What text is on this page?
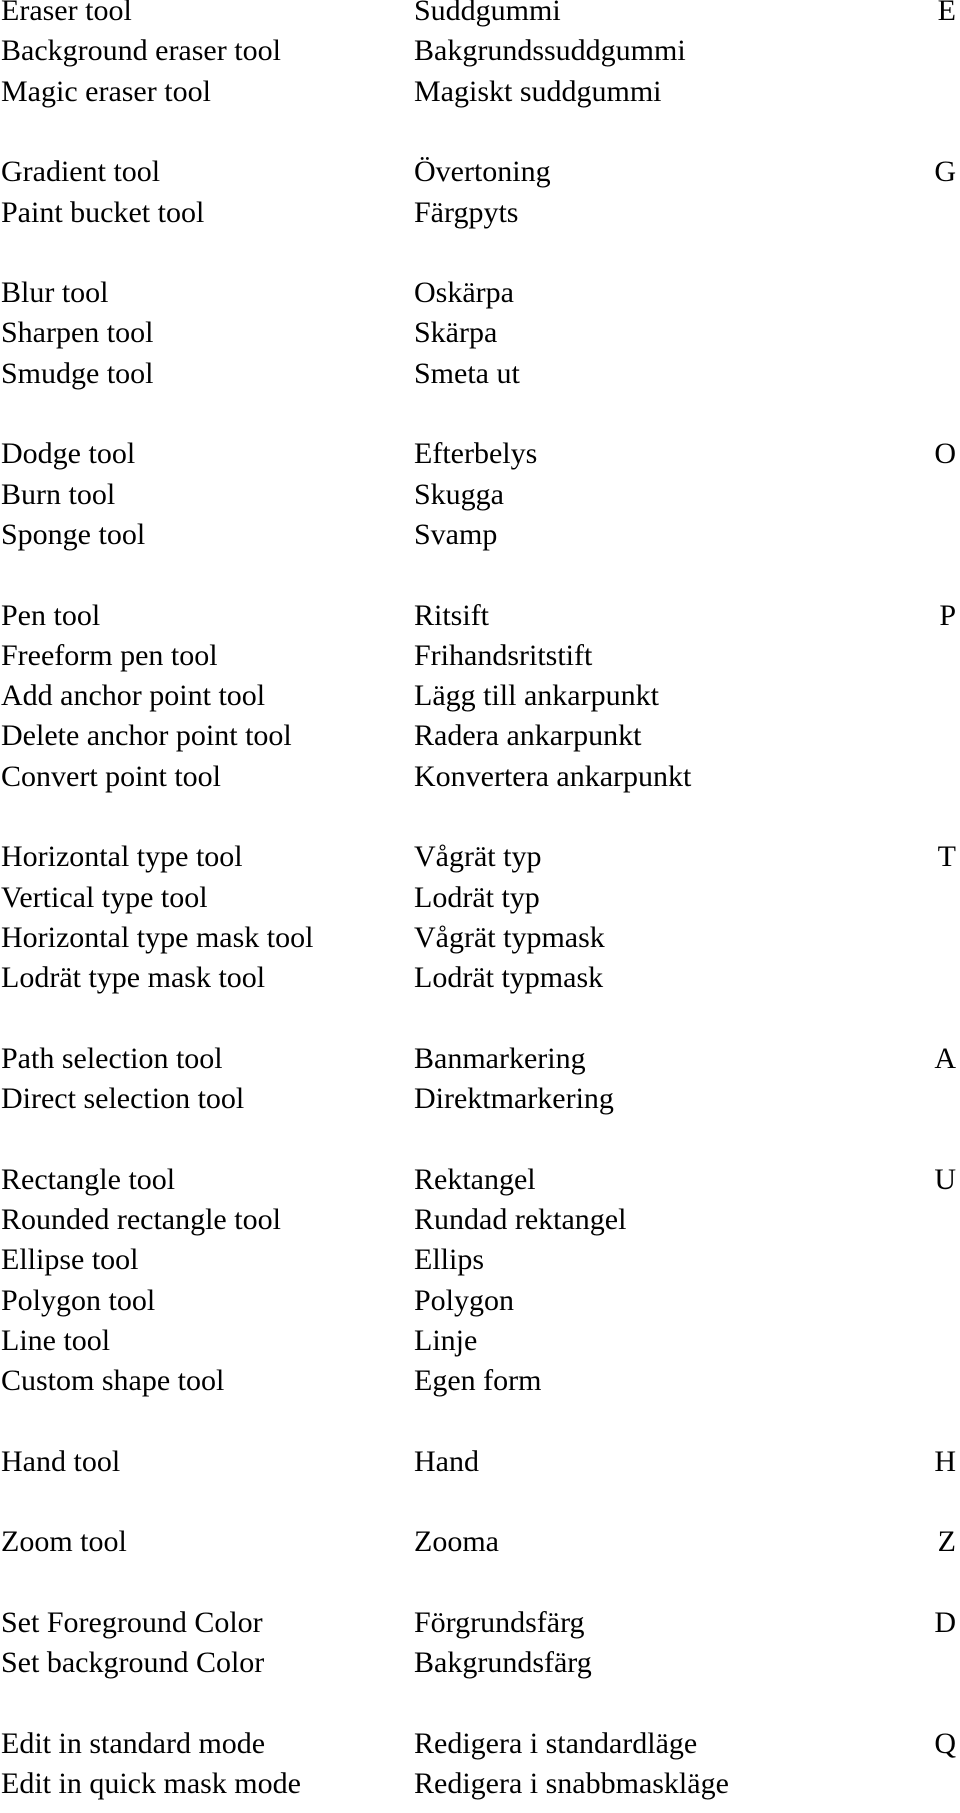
Eraser tool	Suddgummi	E
Background eraser tool	Bakgrundssuddgummi
Magic eraser tool	Magiskt suddgummi
Gradient tool	Övertoning	G
Paint bucket tool	Färgpyts
Blur tool	Oskärpa
Sharpen tool	Skärpa
Smudge tool	Smeta ut
Dodge tool	Efterbelys	O
Burn tool	Skugga
Sponge tool	Svamp
Pen tool	Ritsift	P
Freeform pen tool	Frihandsritstift
Add anchor point tool	Lägg till ankarpunkt
Delete anchor point tool	Radera ankarpunkt
Convert point tool	Konvertera ankarpunkt
Horizontal type tool	Vågrät typ	T
Vertical type tool	Lodrät typ
Horizontal type mask tool	Vågrät typmask
Lodrät type mask tool	Lodrät typmask
Path selection tool	Banmarkering	A
Direct selection tool	Direktmarkering
Rectangle tool	Rektangel	U
Rounded rectangle tool	Rundad rektangel
Ellipse tool	Ellips
Polygon tool	Polygon
Line tool	Linje
Custom shape tool	Egen form
Hand tool	Hand	H
Zoom tool	Zooma	Z
Set Foreground Color	Förgrundsfärg	D
Set background Color	Bakgrundsfärg
Edit in standard mode	Redigera i standardläge	Q
Edit in quick mask mode	Redigera i snabbmaskläge
